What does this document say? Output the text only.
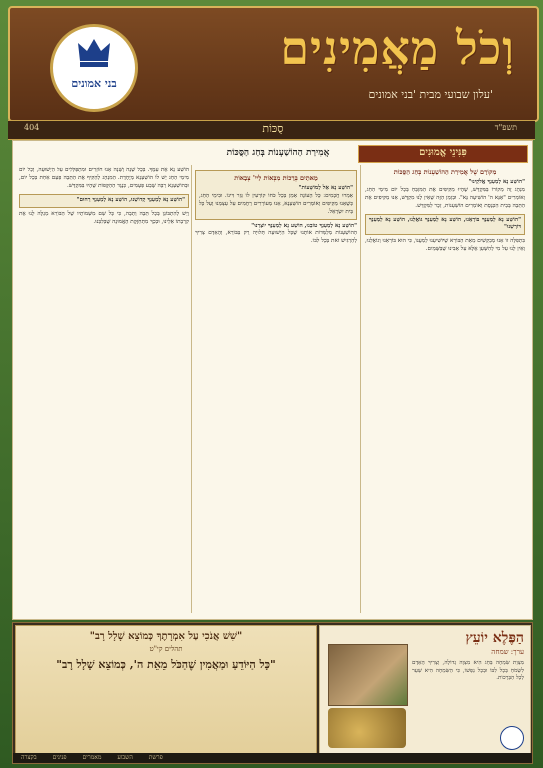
בני אמונים
וְכֹל מַאֲמִינִים
עלון שבועי מבית 'בני אמונים'
404	סֻכּוֹת	תשפ"ד
פִּנִּינֵי אֱמוּנִים
אֲמִירַת הַהוֹשַׁעְנוֹת בְּחַג הַסֻּכּוֹת
מִקּוֹרָם שֶׁל אֲמִירַת הַהוֹשַׁעְנוֹת בְּחַג הַסֻּכּוֹת
"הוֹשַׁע נָא לְמַעַנְךָ אֱלֹקֵינוּ"
מִנְהָג זֶה מְקוֹרוֹ בַּמִּקְדָּשׁ, שֶׁהָיוּ מַקִּיפִים אֶת הַמִּזְבֵּחַ בְּכָל יוֹם מִימֵי הַחַג, וְאוֹמְרִים "אָנָּא ה' הוֹשִׁיעָה נָּא". וּבְזְמַן הַזֶּה שֶׁאֵין לָנוּ מִקְדָּשׁ, אָנוּ מַקִּיפִים אֶת הַתֵּבָה בְּבֵית הַכְּנֶסֶת וְאוֹמְרִים הוֹשַׁעְנוֹת, זֵכֶר לַמִּקְדָּשׁ.
"הוֹשַׁע נָא לְמַעַנְךָ בּוֹרְאֵנוּ, הוֹשַׁע נָא לְמַעַנְךָ גּוֹאֲלֵנוּ, הוֹשַׁע נָא לְמַעַנְךָ דּוֹרְשֵׁנוּ"
בִּתְפִלָּה זוֹ אָנוּ מְבַקְּשִׁים מֵאֵת הַבּוֹרֵא שֶׁיּוֹשִׁיעֵנוּ לְמַעֲנוֹ, כִּי הוּא בּוֹרְאֵנוּ וְגוֹאֲלֵנוּ, וְאֵין לָנוּ עַל מִי לְהִשָּׁעֵן אֶלָּא עַל אָבִינוּ שֶׁבַּשָּׁמַיִם.
מָאתַיִם בְּרָכוֹת מִבְּאוֹת לַיי' צְבָאוֹת
"הוֹשַׁע נָא אֵל לְמוֹשָׁעוֹת"
אָמְרוּ חֲכָמִים: כָּל הָעוֹנֶה אָמֵן בְּכָל כֹּחוֹ קוֹרְעִין לוֹ גְּזַר דִּינוֹ. וּבִימֵי הַחַג, כְּשֶׁאָנוּ מַקִּיפִים וְאוֹמְרִים הוֹשַׁעְנָא, אָנוּ מְעוֹרְרִים רַחֲמִים עַל עַצְמֵנוּ וְעַל כָּל בֵּית יִשְׂרָאֵל.
"הוֹשַׁע נָא לְמַעַנְךָ טוֹבֵנוּ, הוֹשַׁע נָא לְמַעַנְךָ יוֹצְרֵנוּ"
הַהוֹשַׁעְנוֹת מְלַמְּדוֹת אוֹתָנוּ שֶׁכָּל הַיְשׁוּעָה תְּלוּיָה רַק בַּבּוֹרֵא, וְהָאָדָם צָרִיךְ לְהַרְגִּישׁ זֹאת בְּכָל לִבּוֹ.
הוֹשַׁע נָא אֶת עַמֶּךָ. בְּכָל שָׁנָה וְשָׁנָה אָנוּ חוֹזְרִים וּמִתְפַּלְּלִים עַל הַיְשׁוּעָה, וְכָל יוֹם מִימֵי הַחַג יֵשׁ לוֹ הוֹשַׁעְנָא מְיֻחֶדֶת. הַמִּנְהָג לְהַקִּיף אֶת הַתֵּבָה פַּעַם אַחַת בְּכָל יוֹם, וּבְהוֹשַׁעְנָא רַבָּה שֶׁבַע פְּעָמִים, כְּנֶגֶד הַהַקָּפוֹת שֶׁהָיוּ בַּמִּקְדָּשׁ.
"הוֹשַׁע נָא לְמַעַנְךָ קְדוֹשֵׁנוּ, הוֹשַׁע נָא לְמַעַנְךָ רַחוּם"
וְיֵשׁ לְהִתְבּוֹנֵן בְּכָל תֵּבָה וְתֵבָה, כִּי כָּל שֵׁם מִשְּׁמוֹתָיו שֶׁל הַבּוֹרֵא מְגַלֶּה לָנוּ אֶת קִרְבָתוֹ אֵלֵינוּ, וּבְכָךְ מִתְחַזֶּקֶת הָאֱמוּנָה שֶׁבְּלִבֵּנוּ.
"שִׁשׁ אֲנֹכִי עַל אִמְרָתֶךָ כְּמוֹצֵא שָׁלָל רָב"
תהלים קי"ט
"כָּל הַיּוֹדֵעַ וּמַאֲמִין שֶׁהַכֹּל מֵאֵת ה', כְּמוֹצֵא שָׁלָל רָב"
הַפֶּלֶא יוֹעֵץ
ערך: שמחה
מִצְוַת שִׂמְחָה בַּחַג הִיא מִצְוָה גְדוֹלָה, וְצָרִיךְ הָאָדָם לִשְׂמֹחַ בְּכָל לִבּוֹ וּבְכָל נַפְשׁוֹ, כִּי הַשִּׂמְחָה הִיא שַׁעַר לְכָל הַבְּרָכוֹת.
פרשת השבוע מאמרים פנינים בקצרה
